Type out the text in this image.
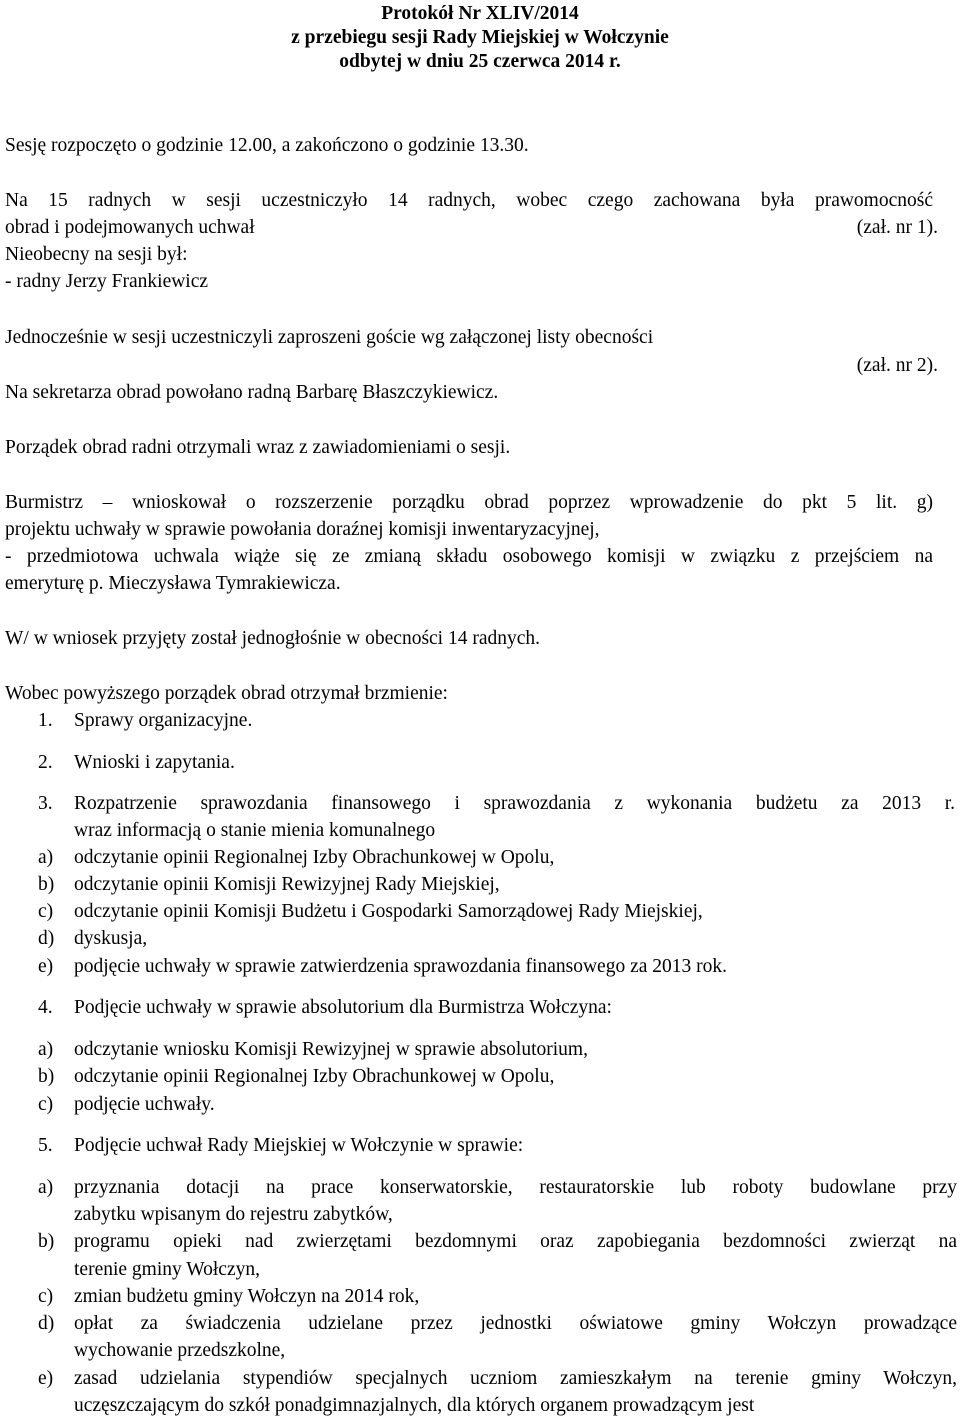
Protokół Nr XLIV/2014
z przebiegu sesji Rady Miejskiej w Wołczynie
odbytej w dniu 25 czerwca 2014 r.
Sesję rozpoczęto o godzinie 12.00, a zakończono o godzinie 13.30.
Na 15 radnych w sesji uczestniczyło 14 radnych, wobec czego zachowana była prawomocność
obrad i podejmowanych uchwał	(zał. nr 1).
Nieobecny na sesji był:
- radny Jerzy Frankiewicz
Jednocześnie w sesji uczestniczyli zaproszeni goście wg załączonej listy obecności
(zał. nr 2).
Na sekretarza obrad powołano radną Barbarę Błaszczykiewicz.
Porządek obrad radni otrzymali wraz z zawiadomieniami o sesji.
Burmistrz – wnioskował o rozszerzenie porządku obrad poprzez wprowadzenie do pkt 5 lit. g)
projektu uchwały w sprawie powołania doraźnej komisji inwentaryzacyjnej,
- przedmiotowa uchwala wiąże się ze zmianą składu osobowego komisji w związku z przejściem na
emeryturę p. Mieczysława Tymrakiewicza.
W/ w wniosek przyjęty został jednogłośnie w obecności 14 radnych.
Wobec powyższego porządek obrad otrzymał brzmienie:
1. Sprawy organizacyjne.
2. Wnioski i zapytania.
3. Rozpatrzenie sprawozdania finansowego i sprawozdania z wykonania budżetu za 2013 r.
wraz informacją o stanie mienia komunalnego
a) odczytanie opinii Regionalnej Izby Obrachunkowej w Opolu,
b) odczytanie opinii Komisji Rewizyjnej Rady Miejskiej,
c) odczytanie opinii Komisji Budżetu i Gospodarki Samorządowej Rady Miejskiej,
d) dyskusja,
e) podjęcie uchwały w sprawie zatwierdzenia sprawozdania finansowego za 2013 rok.
4. Podjęcie uchwały w sprawie absolutorium dla Burmistrza Wołczyna:
a) odczytanie wniosku Komisji Rewizyjnej w sprawie absolutorium,
b) odczytanie opinii Regionalnej Izby Obrachunkowej w Opolu,
c) podjęcie uchwały.
5. Podjęcie uchwał Rady Miejskiej w Wołczynie w sprawie:
a) przyznania dotacji na prace konserwatorskie, restauratorskie lub roboty budowlane przy
zabytku wpisanym do rejestru zabytków,
b) programu opieki nad zwierzętami bezdomnymi oraz zapobiegania bezdomności zwierząt na
terenie gminy Wołczyn,
c) zmian budżetu gminy Wołczyn na 2014 rok,
d) opłat za świadczenia udzielane przez jednostki oświatowe gminy Wołczyn prowadzące
wychowanie przedszkolne,
e) zasad udzielania stypendiów specjalnych uczniom zamieszkałym na terenie gminy Wołczyn,
uczęszczającym do szkół ponadgimnazjalnych, dla których organem prowadzącym jest
